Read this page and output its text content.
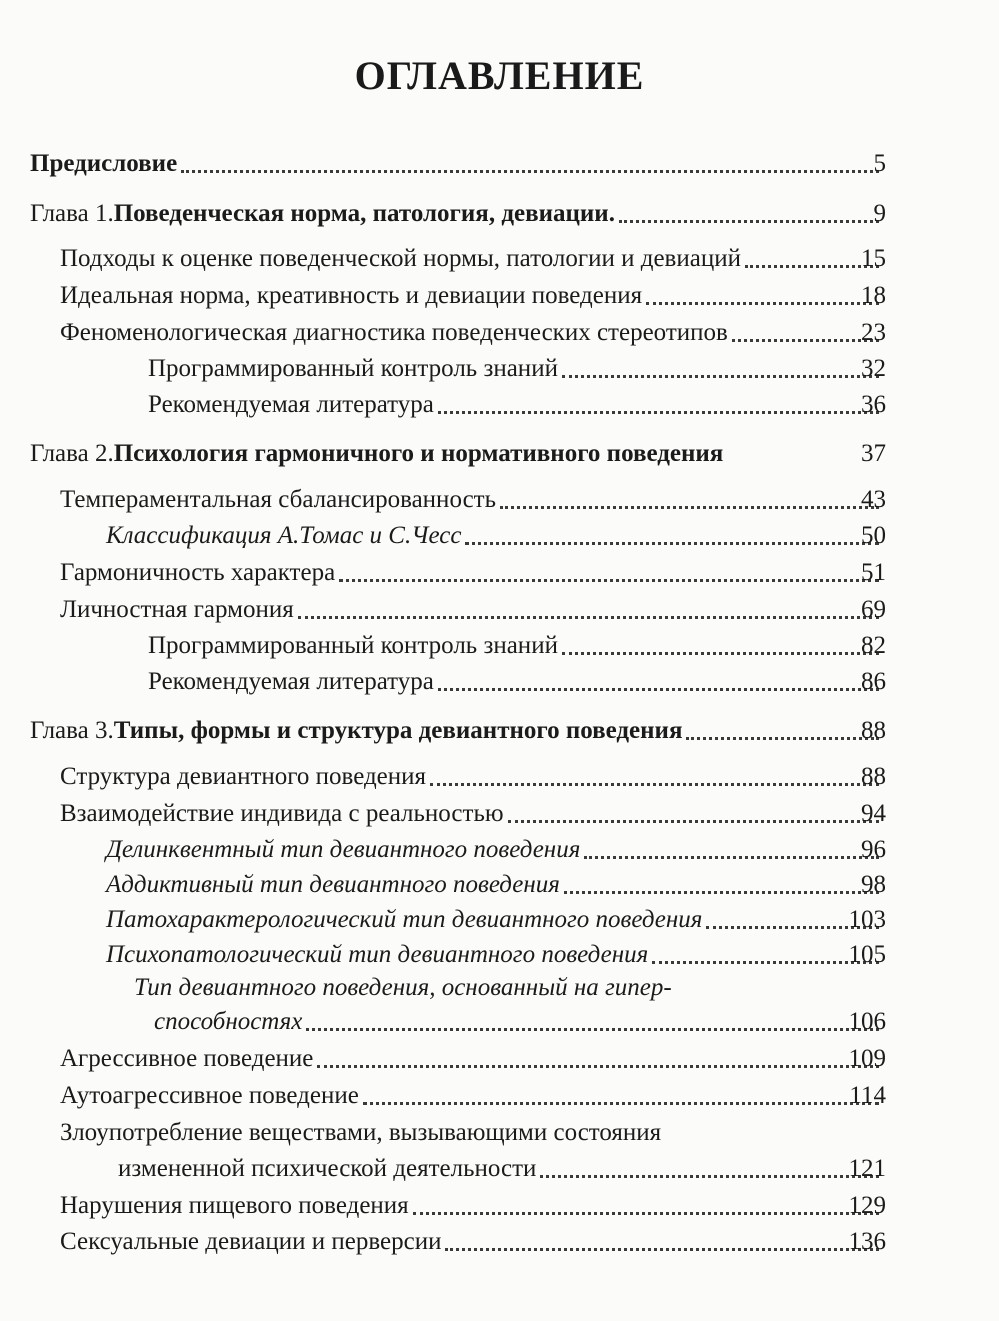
ОГЛАВЛЕНИЕ
Предисловие	5
Глава 1. Поведенческая норма, патология, девиации.	9
Подходы к оценке поведенческой нормы, патологии и девиаций	15
Идеальная норма, креативность и девиации поведения	18
Феноменологическая диагностика поведенческих стереотипов	23
Программированный контроль знаний	32
Рекомендуемая литература	36
Глава 2. Психология гармоничного и нормативного поведения	37
Темпераментальная сбалансированность	43
Классификация А.Томас и С.Чесс	50
Гармоничность характера	51
Личностная гармония	69
Программированный контроль знаний	82
Рекомендуемая литература	86
Глава 3. Типы, формы и структура девиантного поведения	88
Структура девиантного поведения	88
Взаимодействие индивида с реальностью	94
Делинквентный тип девиантного поведения	96
Аддиктивный тип девиантного поведения	98
Патохарактерологический тип девиантного поведения	103
Психопатологический тип девиантного поведения	105
Тип девиантного поведения, основанный на гипер-
способностях	106
Агрессивное поведение	109
Аутоагрессивное поведение	114
Злоупотребление веществами, вызывающими состояния
измененной психической деятельности	121
Нарушения пищевого поведения	129
Сексуальные девиации и перверсии	136
